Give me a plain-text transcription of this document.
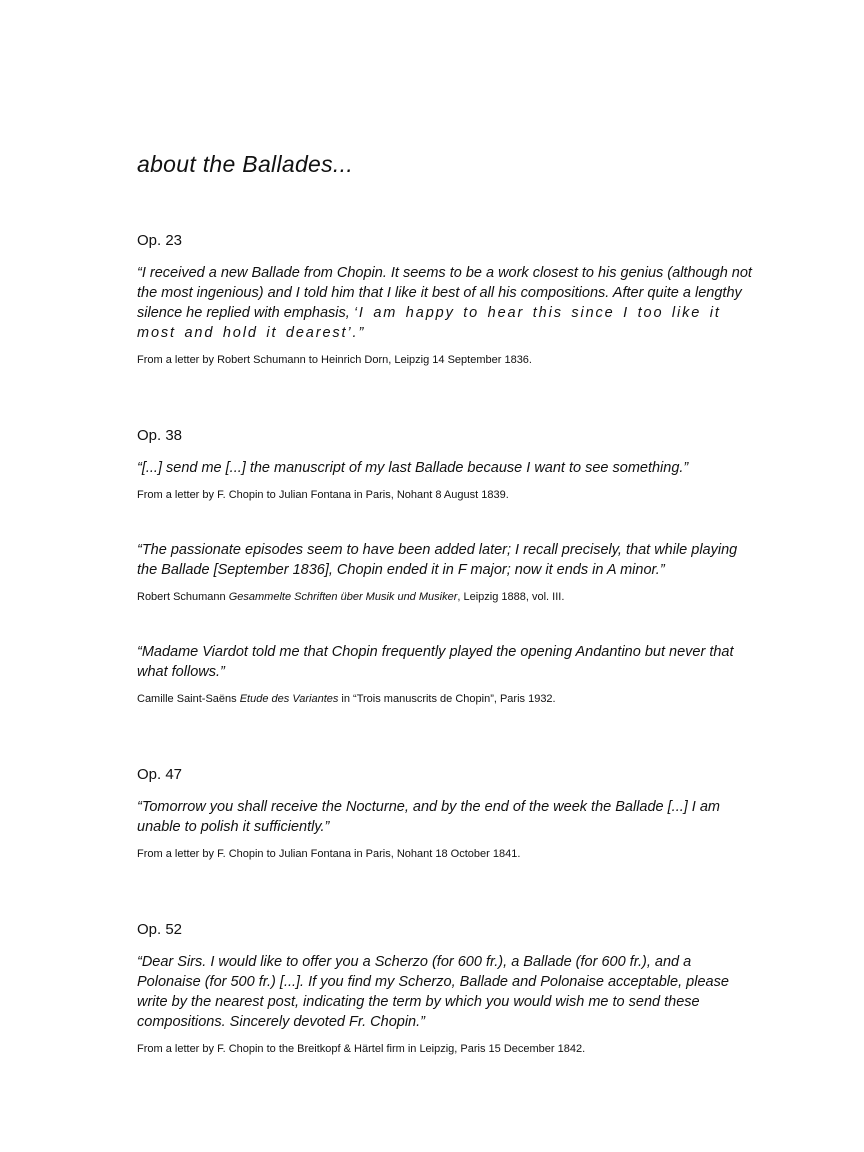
about the Ballades...
Op. 23

“I received a new Ballade from Chopin. It seems to be a work closest to his genius (although not the most ingenious) and I told him that I like it best of all his compositions. After quite a lengthy silence he replied with emphasis, ‘I am happy to hear this since I too like it most and hold it dearest’.”

From a letter by Robert Schumann to Heinrich Dorn, Leipzig 14 September 1836.

Op. 38

“[...] send me [...] the manuscript of my last Ballade because I want to see something.”

From a letter by F. Chopin to Julian Fontana in Paris, Nohant 8 August 1839.

“The passionate episodes seem to have been added later; I recall precisely, that while playing the Ballade [September 1836], Chopin ended it in F major; now it ends in A minor.”

Robert Schumann Gesammelte Schriften über Musik und Musiker, Leipzig 1888, vol. III.

“Madame Viardot told me that Chopin frequently played the opening Andantino but never that what follows.”

Camille Saint-Saëns Etude des Variantes in “Trois manuscrits de Chopin”, Paris 1932.

Op. 47

“Tomorrow you shall receive the Nocturne, and by the end of the week the Ballade [...] I am unable to polish it sufficiently.”

From a letter by F. Chopin to Julian Fontana in Paris, Nohant 18 October 1841.

Op. 52

“Dear Sirs. I would like to offer you a Scherzo (for 600 fr.), a Ballade (for 600 fr.), and a Polonaise (for 500 fr.) [...]. If you find my Scherzo, Ballade and Polonaise acceptable, please write by the nearest post, indicating the term by which you would wish me to send these compositions. Sincerely devoted Fr. Chopin.”

From a letter by F. Chopin to the Breitkopf & Härtel firm in Leipzig, Paris 15 December 1842.
